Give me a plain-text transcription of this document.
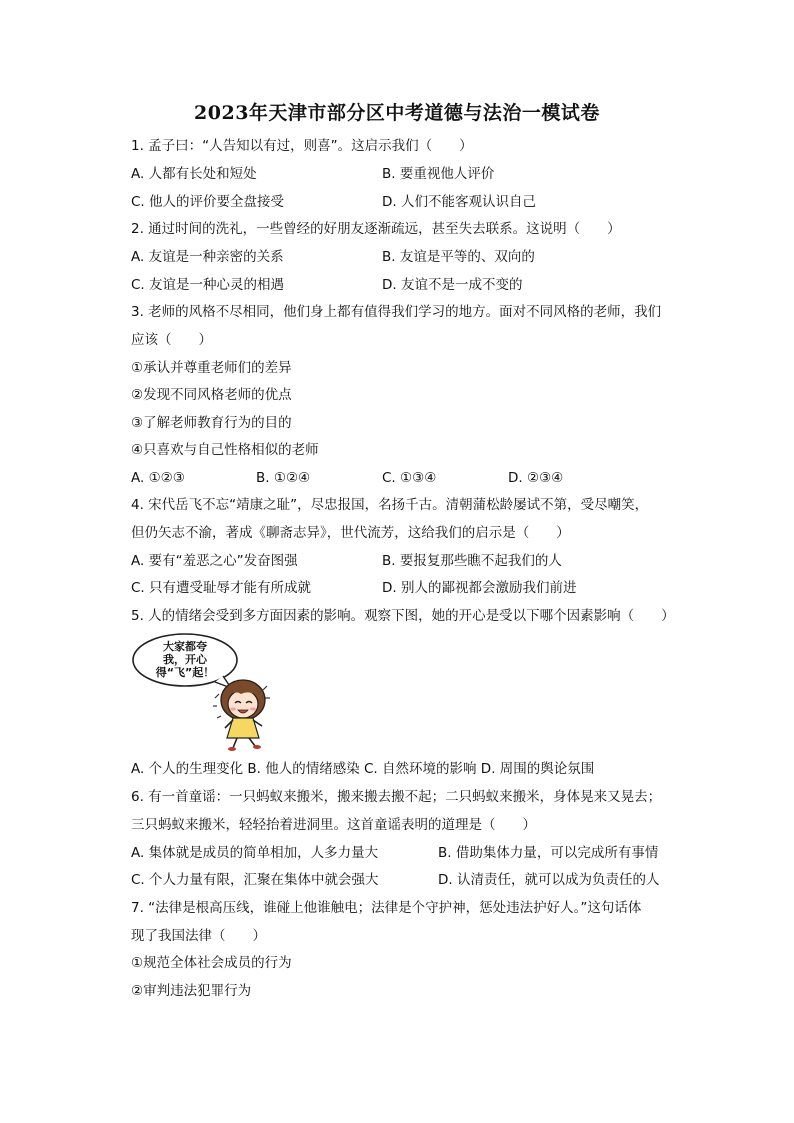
2023年天津市部分区中考道德与法治一模试卷
1. 孟子曰：“人告知以有过，则喜”。这启示我们（　　）
A. 人都有长处和短处	B. 要重视他人评价
C. 他人的评价要全盘接受	D. 人们不能客观认识自己
2. 通过时间的洗礼，一些曾经的好朋友逐渐疏远，甚至失去联系。这说明（　　）
A. 友谊是一种亲密的关系	B. 友谊是平等的、双向的
C. 友谊是一种心灵的相遇	D. 友谊不是一成不变的
3. 老师的风格不尽相同，他们身上都有值得我们学习的地方。面对不同风格的老师，我们
应该（　　）
①承认并尊重老师们的差异
②发现不同风格老师的优点
③了解老师教育行为的目的
④只喜欢与自己性格相似的老师
A. ①②③	B. ①②④	C. ①③④	D. ②③④
4. 宋代岳飞不忘“靖康之耻”，尽忠报国，名扬千古。清朝蒲松龄屡试不第，受尽嘲笑，
但仍矢志不渝，著成《聊斋志异》，世代流芳，这给我们的启示是（　　）
A. 要有“羞恶之心”发奋图强	B. 要报复那些瞧不起我们的人
C. 只有遭受耻辱才能有所成就	D. 别人的鄙视都会激励我们前进
5. 人的情绪会受到多方面因素的影响。观察下图，她的开心是受以下哪个因素影响（　　）
大家都夸
我，开心
得“飞”起！
A. 个人的生理变化 B. 他人的情绪感染 C. 自然环境的影响 D. 周围的舆论氛围
6. 有一首童谣：一只蚂蚁来搬米，搬来搬去搬不起；二只蚂蚁来搬米，身体晃来又晃去；
三只蚂蚁来搬米，轻轻抬着进洞里。这首童谣表明的道理是（　　）
A. 集体就是成员的简单相加，人多力量大	B. 借助集体力量，可以完成所有事情
C. 个人力量有限，汇聚在集体中就会强大	D. 认清责任，就可以成为负责任的人
7. “法律是根高压线，谁碰上他谁触电；法律是个守护神，惩处违法护好人。”这句话体
现了我国法律（　　）
①规范全体社会成员的行为
②审判违法犯罪行为
